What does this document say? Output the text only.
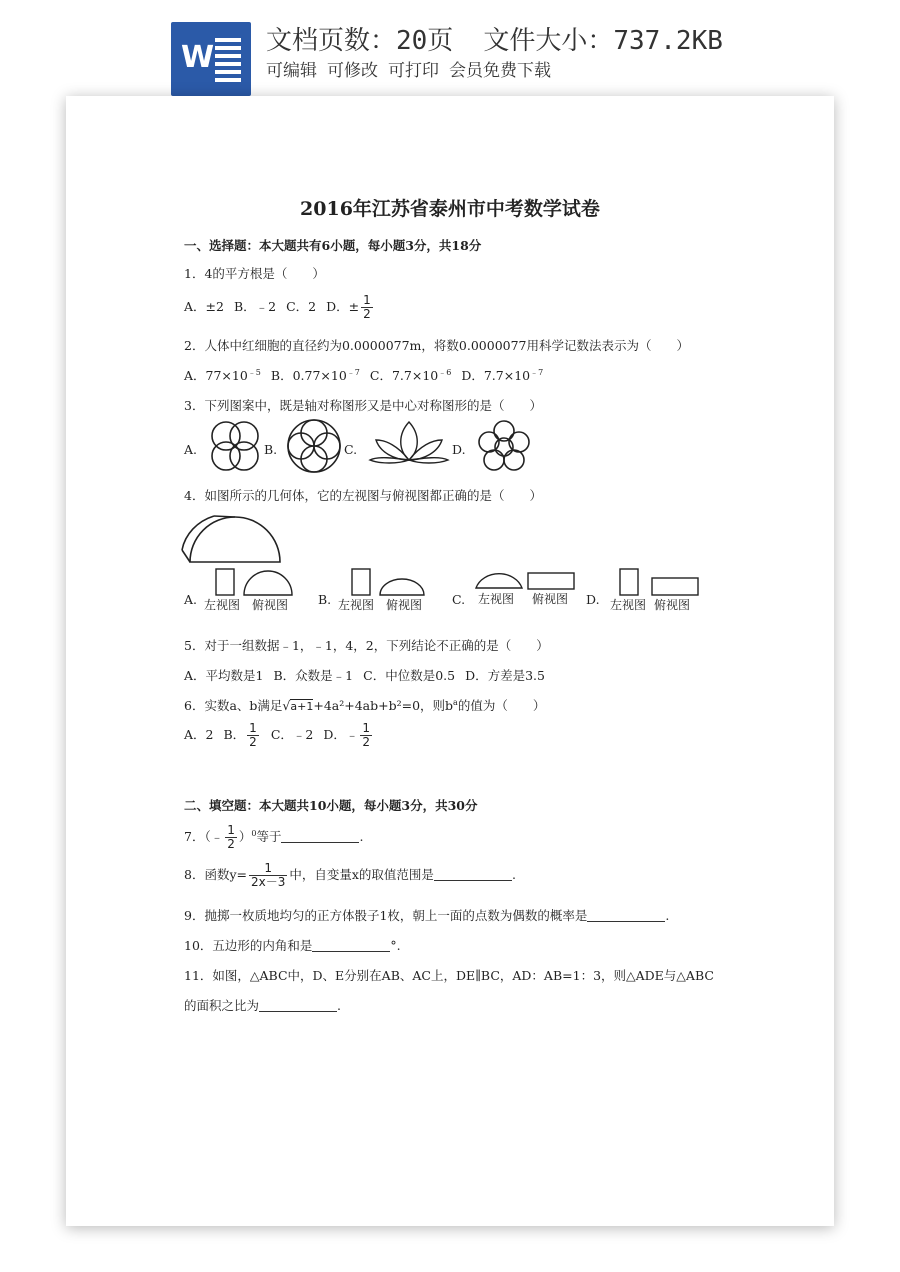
W 文档页数：20页 文件大小：737.2KB
可编辑 可修改 可打印 会员免费下载
2016年江苏省泰州市中考数学试卷
一、选择题：本大题共有6小题，每小题3分，共18分
1．4的平方根是（　　）
A．±2 B．﹣2 C．2 D．± $\frac{1}{2}$
2．人体中红细胞的直径约为0.0000077m，将数0.0000077用科学记数法表示为（　　）
A．$77\times 10^{﹣5}$ B．$0.77\times 10^{﹣7}$ C．$7.7\times 10^{﹣6}$ D．$7.7\times 10^{﹣7}$
3．下列图案中，既是轴对称图形又是中心对称图形的是（　　）
A.	B.	C.	D.
4．如图所示的几何体，它的左视图与俯视图都正确的是（　　）
A. 左视图 俯视图 B. 左视图 俯视图 C. 左视图 俯视图 D. 左视图 俯视图
5．对于一组数据﹣1，﹣1，4，2，下列结论不正确的是（　　）
A．平均数是1 B．众数是﹣1 C．中位数是0.5 D．方差是3.5
6．实数a、b满足√a+1+4a²+4ab+b²=0，则$b^a$的值为（　　）
A．2 B． $\frac{1}{2}$ C．﹣2 D．﹣ $\frac{1}{2}$
二、填空题：本大题共10小题，每小题3分，共30分
7．（﹣ $\frac{1}{2} )^0$等于	.
8．函数$y= \frac{1}{2x-3}$ 中，自变量x的取值范围是	.
9．抛掷一枚质地均匀的正方体骰子1枚，朝上一面的点数为偶数的概率是	.
10．五边形的内角和是	°.
11．如图，△ABC中，D、E分别在AB、AC上，DE∥BC，AD：AB=1：3，则△ADE与△ABC
的面积之比为	.
